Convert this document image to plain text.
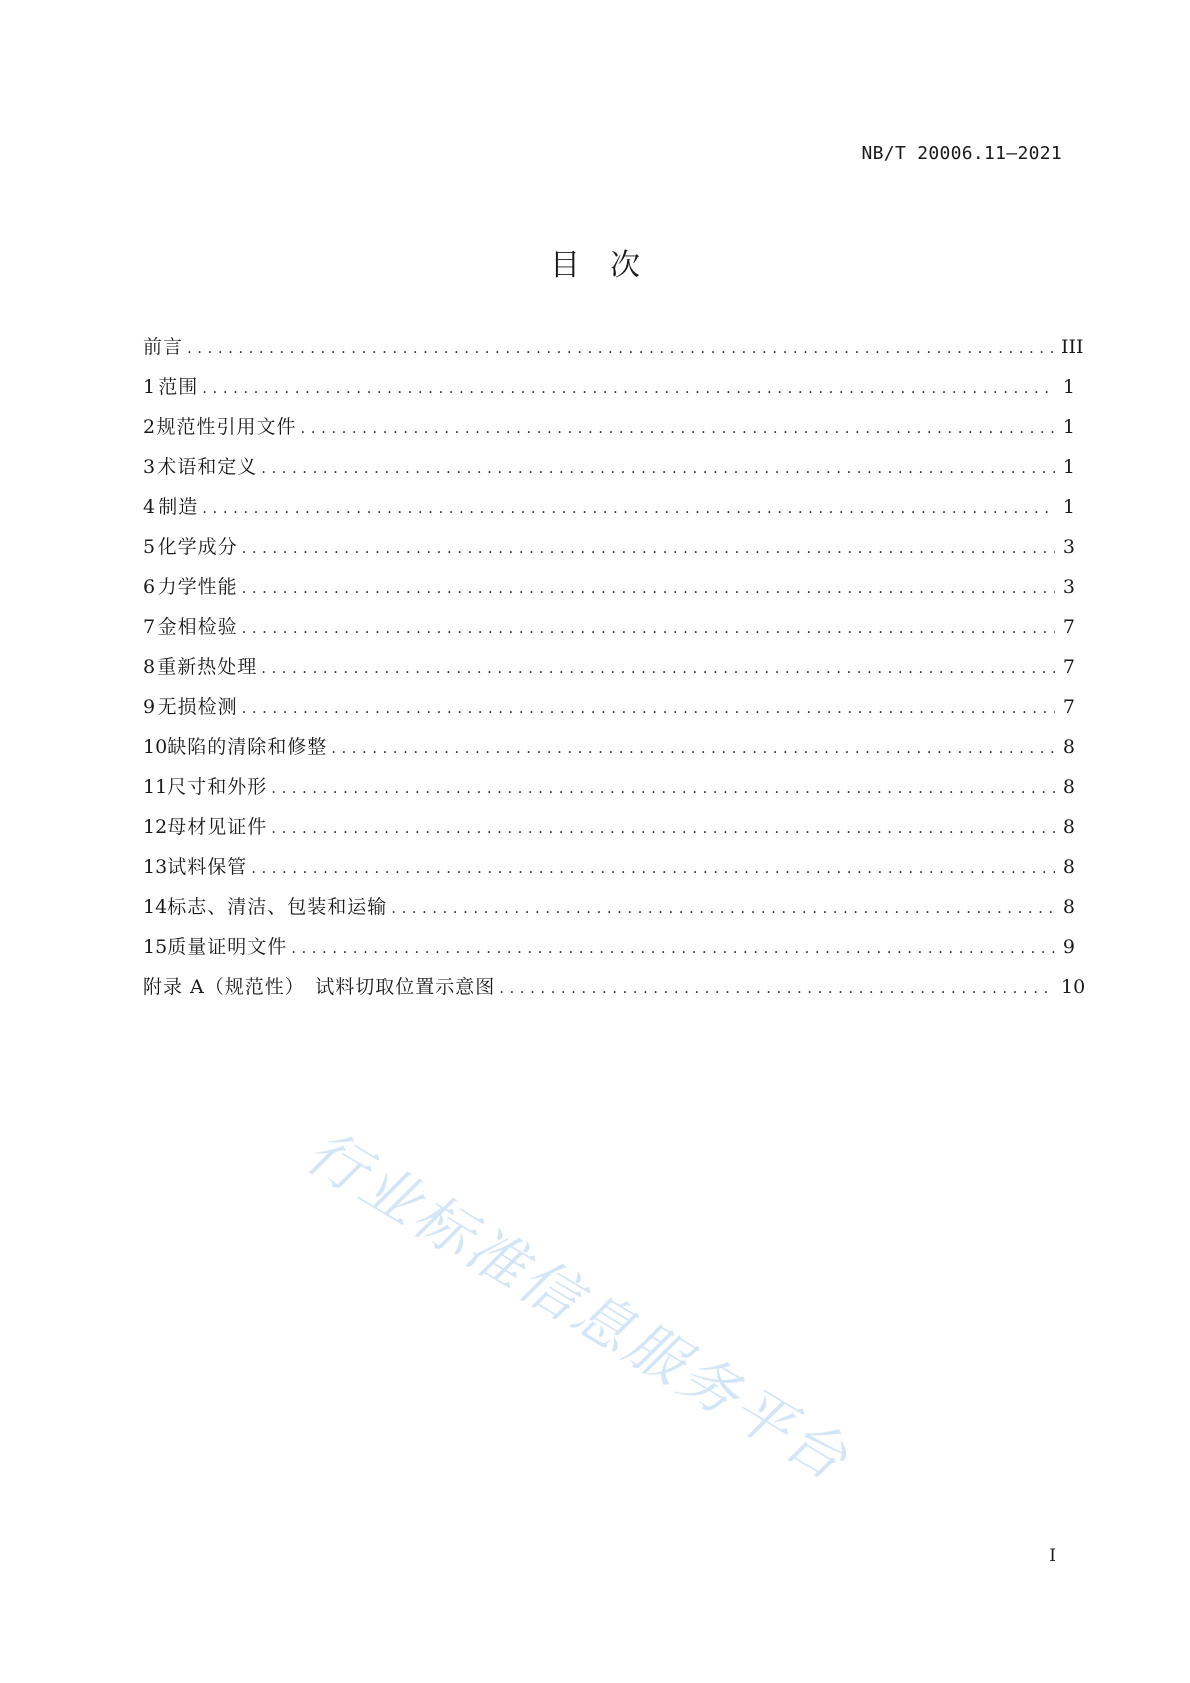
NB/T 20006.11—2021
目　次
前言 .....	III
1 范围 .....	1
2 规范性引用文件 .....	1
3 术语和定义 .....	1
4 制造 .....	1
5 化学成分 .....	3
6 力学性能 .....	3
7 金相检验 .....	7
8 重新热处理 .....	7
9 无损检测 .....	7
10 缺陷的清除和修整 .....	8
11 尺寸和外形 .....	8
12 母材见证件 .....	8
13 试料保管 .....	8
14 标志、清洁、包装和运输 .....	8
15 质量证明文件 .....	9
附录 A（规范性）　试料切取位置示意图 .....	10
行业标准信息服务平台
I
